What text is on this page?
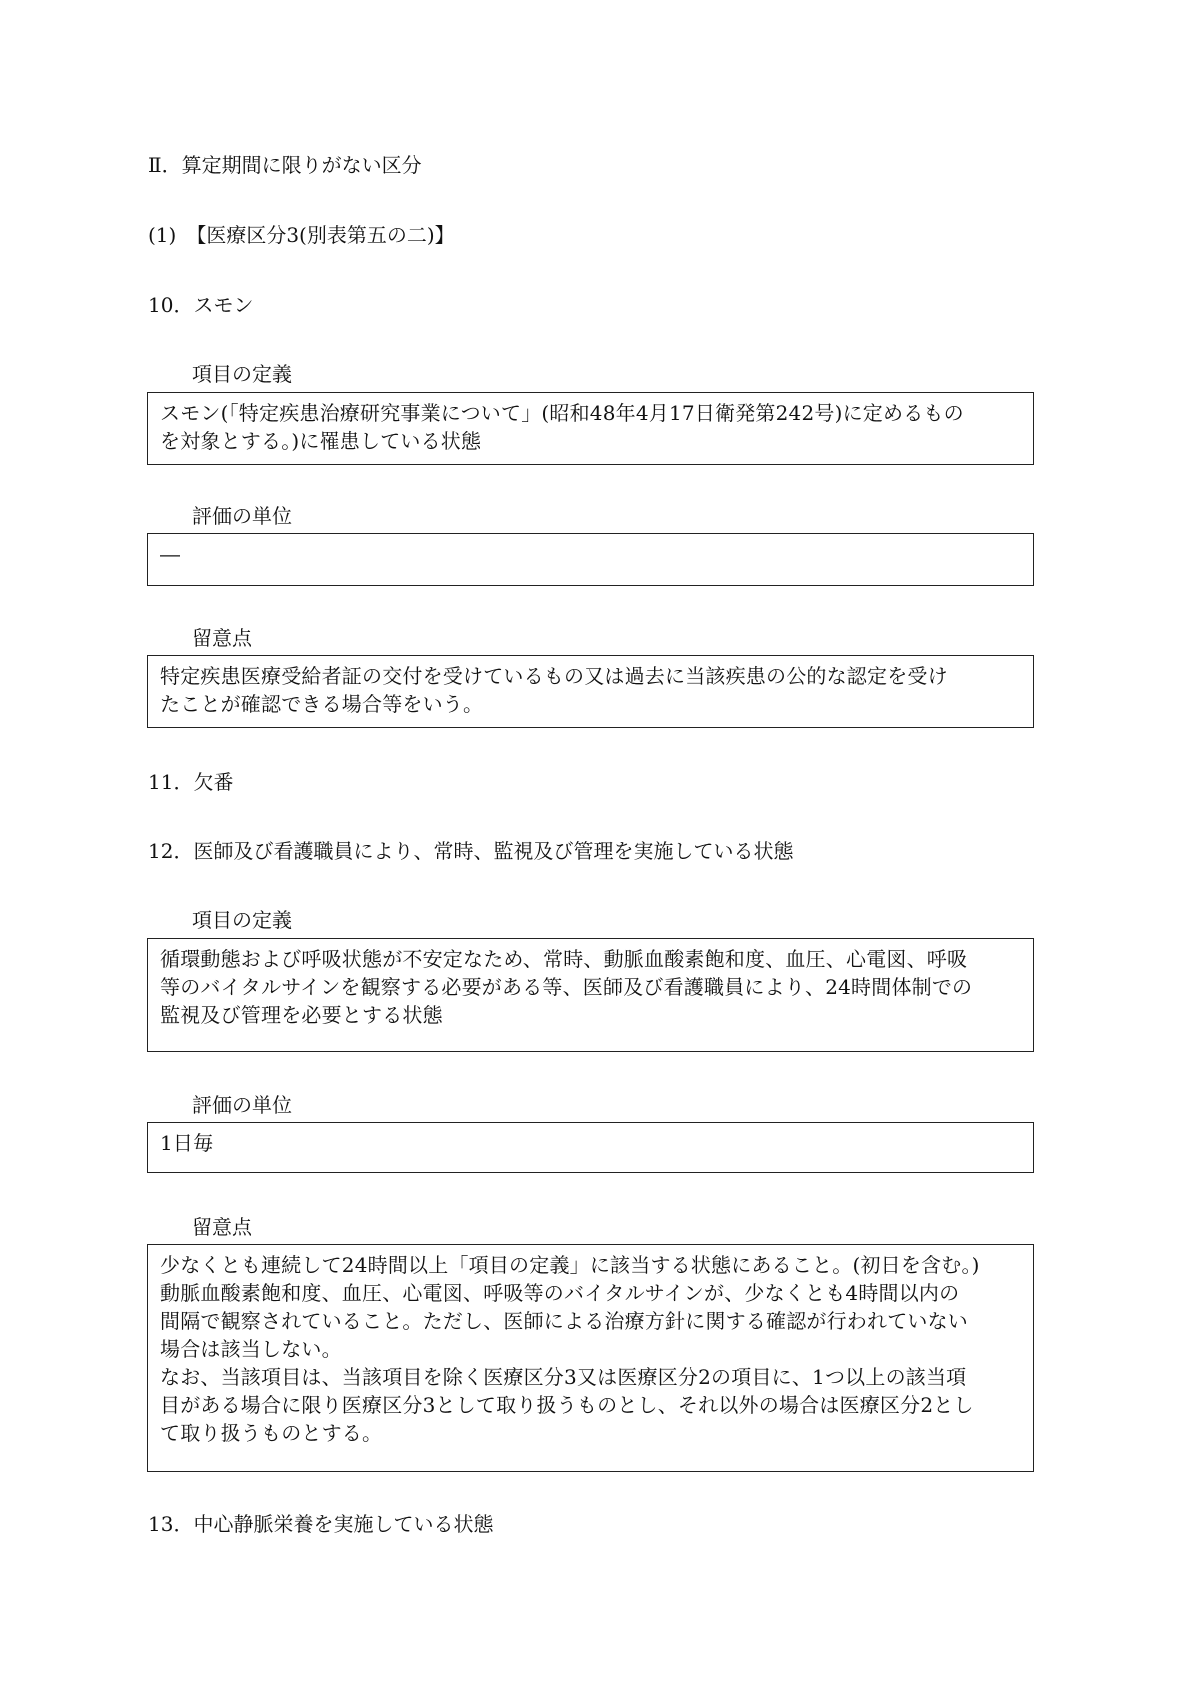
Ⅱ．算定期間に限りがない区分
(1)　【医療区分3(別表第五の二)】
10．スモン
項目の定義

スモン(「特定疾患治療研究事業について」(昭和48年4月17日衛発第242号)に定めるもの

を対象とする。)に罹患している状態

評価の単位

―

留意点

特定疾患医療受給者証の交付を受けているもの又は過去に当該疾患の公的な認定を受け

たことが確認できる場合等をいう。

11．欠番
12．医師及び看護職員により、常時、監視及び管理を実施している状態
項目の定義

循環動態および呼吸状態が不安定なため、常時、動脈血酸素飽和度、血圧、心電図、呼吸

等のバイタルサインを観察する必要がある等、医師及び看護職員により、24時間体制での

監視及び管理を必要とする状態

評価の単位

1日毎

留意点

少なくとも連続して24時間以上「項目の定義」に該当する状態にあること。(初日を含む。)

動脈血酸素飽和度、血圧、心電図、呼吸等のバイタルサインが、少なくとも4時間以内の

間隔で観察されていること。ただし、医師による治療方針に関する確認が行われていない

場合は該当しない。

なお、当該項目は、当該項目を除く医療区分3又は医療区分2の項目に、1つ以上の該当項

目がある場合に限り医療区分3として取り扱うものとし、それ以外の場合は医療区分2とし

て取り扱うものとする。

13．中心静脈栄養を実施している状態
